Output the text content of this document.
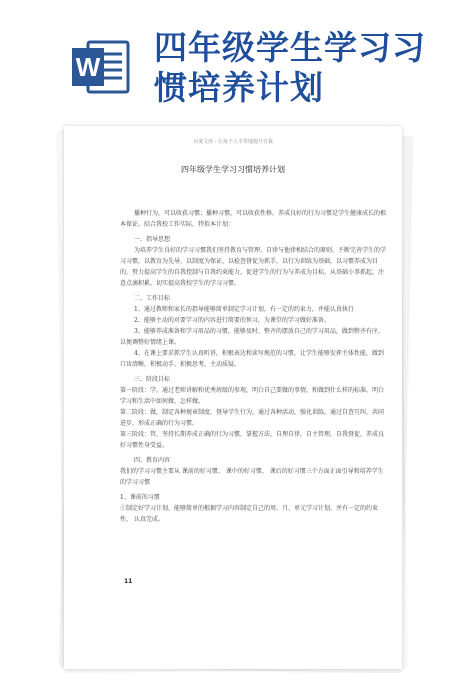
W 四年级学生学习习
惯培养计划
百度文库 - 让每个人平等地提升自我
四年级学生学习习惯培养计划

播种行为，可以收获习惯；播种习惯，可以收获性格。养成良好的行为习惯是学生健康成长的根本保证。结合我校工作实际，特拟本计划：

一、指导思想

为培养学生良好的学习习惯我们坚持教育与管理、自律与他律相结合的原则，不断完善学生的学习习惯，以教育为先导，以制度为保证，以检查督促为抓手，以行为训练为基础，以习惯养成为目的，努力提高学生的自我控制与自我约束能力，促进学生的行为与养成为目标，从基础小事抓起，注意点滴积累，切实提高我校学生的学习习惯。

二、工作目标

1、通过教师和家长的指导能够简单制定学习计划，有一定的约束力，并能认真执行

2、能够主动的对要学习的内容进行简要的预习，为课堂的学习做好准备。

3、能够养成准备和学习用品的习惯，能够及时、整齐的摆放自己的学习用品，做到整齐有序，以便调整好情绪上课。

4、在课上要求抓学生认真听讲，积极表达和读写规范的习惯，让学生能够发挥主体性能，做到口齿清晰，积极动手、积极思考，主动质疑。

三、阶段目标

第一阶段：学，通过老师讲解和优秀班级的参观，明白自己要做的事情，和做到什么样的标准，明白学习和生活中如何做，怎样做。

第二阶段：做，制定各种规章制度，督导学生行为，通过各种活动，强化训练。通过自查互纠，共同进步，形成正确的行为习惯。

第三阶段：管，坚持长期养成正确的行为习惯，掌握方法，自理自律，自主管理，自我督促，养成良好习惯性身受益。

四、教育内容

我们的学习习惯主要从 课前的好习惯、 课中的好习惯、 课后的好习惯三个方面正面引导和培养学生的学习习惯

1、课前的习惯

①制定好学习计划，能够简单的根据学习内容制定自己的周、月、单元学习计划，并有一定的约束性， 认真完成。

11
